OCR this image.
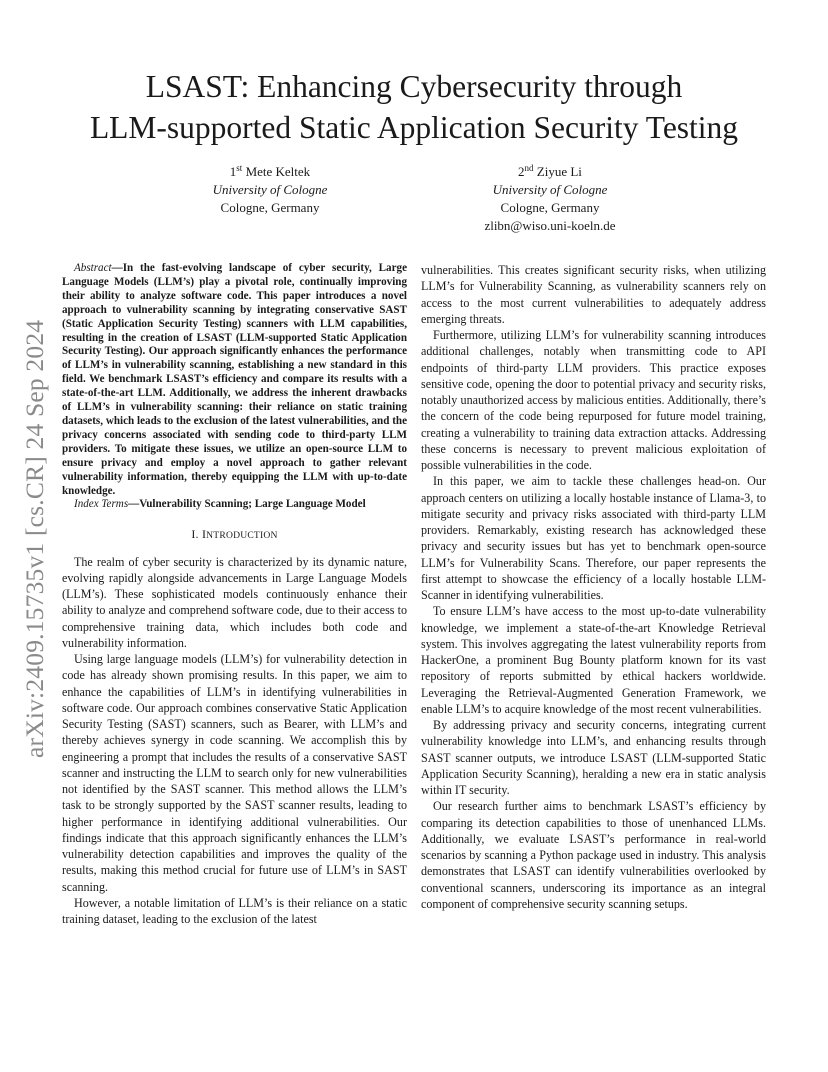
arXiv:2409.15735v1 [cs.CR] 24 Sep 2024
LSAST: Enhancing Cybersecurity through
LLM-supported Static Application Security Testing
1st Mete Keltek
University of Cologne
Cologne, Germany
2nd Ziyue Li
University of Cologne
Cologne, Germany
zlibn@wiso.uni-koeln.de

Abstract—In the fast-evolving landscape of cyber security, Large Language Models (LLM’s) play a pivotal role, continually improving their ability to analyze software code. This paper introduces a novel approach to vulnerability scanning by integrating conservative SAST (Static Application Security Testing) scanners with LLM capabilities, resulting in the creation of LSAST (LLM-supported Static Application Security Testing). Our approach significantly enhances the performance of LLM’s in vulnerability scanning, establishing a new standard in this field. We benchmark LSAST’s efficiency and compare its results with a state-of-the-art LLM. Additionally, we address the inherent drawbacks of LLM’s in vulnerability scanning: their reliance on static training datasets, which leads to the exclusion of the latest vulnerabilities, and the privacy concerns associated with sending code to third-party LLM providers. To mitigate these issues, we utilize an open-source LLM to ensure privacy and employ a novel approach to gather relevant vulnerability information, thereby equipping the LLM with up-to-date knowledge.

Index Terms—Vulnerability Scanning; Large Language Model

I. INTRODUCTION

The realm of cyber security is characterized by its dynamic nature, evolving rapidly alongside advancements in Large Language Models (LLM’s). These sophisticated models continuously enhance their ability to analyze and comprehend software code, due to their access to comprehensive training data, which includes both code and vulnerability information.

Using large language models (LLM’s) for vulnerability detection in code has already shown promising results. In this paper, we aim to enhance the capabilities of LLM’s in identifying vulnerabilities in software code. Our approach combines conservative Static Application Security Testing (SAST) scanners, such as Bearer, with LLM’s and thereby achieves synergy in code scanning. We accomplish this by engineering a prompt that includes the results of a conservative SAST scanner and instructing the LLM to search only for new vulnerabilities not identified by the SAST scanner. This method allows the LLM’s task to be strongly supported by the SAST scanner results, leading to higher performance in identifying additional vulnerabilities. Our findings indicate that this approach significantly enhances the LLM’s vulnerability detection capabilities and improves the quality of the results, making this method crucial for future use of LLM’s in SAST scanning.

However, a notable limitation of LLM’s is their reliance on a static training dataset, leading to the exclusion of the latest

vulnerabilities. This creates significant security risks, when utilizing LLM’s for Vulnerability Scanning, as vulnerability scanners rely on access to the most current vulnerabilities to adequately address emerging threats.

Furthermore, utilizing LLM’s for vulnerability scanning introduces additional challenges, notably when transmitting code to API endpoints of third-party LLM providers. This practice exposes sensitive code, opening the door to potential privacy and security risks, notably unauthorized access by malicious entities. Additionally, there’s the concern of the code being repurposed for future model training, creating a vulnerability to training data extraction attacks. Addressing these concerns is necessary to prevent malicious exploitation of possible vulnerabilities in the code.

In this paper, we aim to tackle these challenges head-on. Our approach centers on utilizing a locally hostable instance of Llama-3, to mitigate security and privacy risks associated with third-party LLM providers. Remarkably, existing research has acknowledged these privacy and security issues but has yet to benchmark open-source LLM’s for Vulnerability Scans. Therefore, our paper represents the first attempt to showcase the efficiency of a locally hostable LLM-Scanner in identifying vulnerabilities.

To ensure LLM’s have access to the most up-to-date vulnerability knowledge, we implement a state-of-the-art Knowledge Retrieval system. This involves aggregating the latest vulnerability reports from HackerOne, a prominent Bug Bounty platform known for its vast repository of reports submitted by ethical hackers worldwide. Leveraging the Retrieval-Augmented Generation Framework, we enable LLM’s to acquire knowledge of the most recent vulnerabilities.

By addressing privacy and security concerns, integrating current vulnerability knowledge into LLM’s, and enhancing results through SAST scanner outputs, we introduce LSAST (LLM-supported Static Application Security Scanning), heralding a new era in static analysis within IT security.

Our research further aims to benchmark LSAST’s efficiency by comparing its detection capabilities to those of unenhanced LLMs. Additionally, we evaluate LSAST’s performance in real-world scenarios by scanning a Python package used in industry. This analysis demonstrates that LSAST can identify vulnerabilities overlooked by conventional scanners, underscoring its importance as an integral component of comprehensive security scanning setups.
